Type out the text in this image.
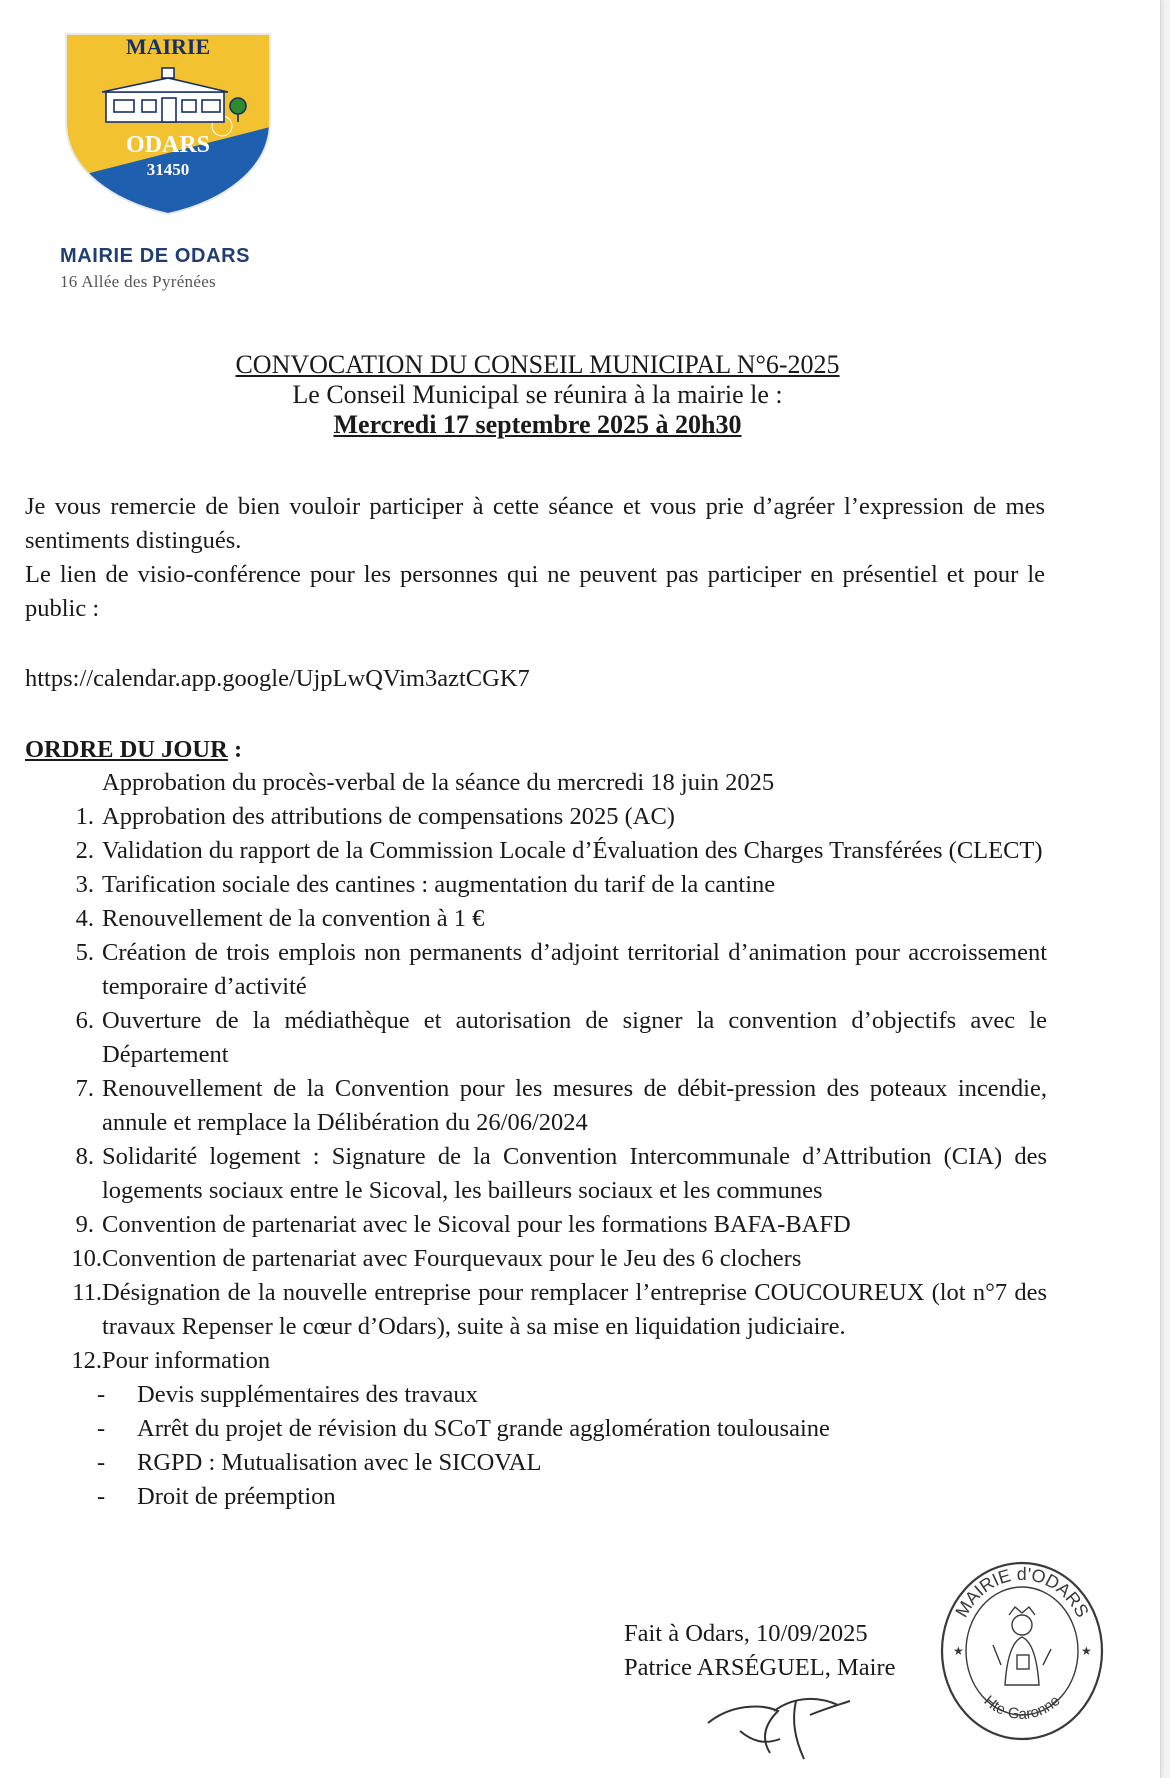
MAIRIE
ODARS
31450
MAIRIE DE ODARS
16 Allée des Pyrénées
CONVOCATION DU CONSEIL MUNICIPAL N°6-2025
Le Conseil Municipal se réunira à la mairie le :
Mercredi 17 septembre 2025 à 20h30
Je vous remercie de bien vouloir participer à cette séance et vous prie d’agréer l’expression de mes sentiments distingués.
Le lien de visio-conférence pour les personnes qui ne peuvent pas participer en présentiel et pour le public :
https://calendar.app.google/UjpLwQVim3aztCGK7
ORDRE DU JOUR :
Approbation du procès-verbal de la séance du mercredi 18 juin 2025
1. Approbation des attributions de compensations 2025 (AC)
2. Validation du rapport de la Commission Locale d’Évaluation des Charges Transférées (CLECT)
3. Tarification sociale des cantines : augmentation du tarif de la cantine
4. Renouvellement de la convention à 1 €
5. Création de trois emplois non permanents d’adjoint territorial d’animation pour accroissement temporaire d’activité
6. Ouverture de la médiathèque et autorisation de signer la convention d’objectifs avec le Département
7. Renouvellement de la Convention pour les mesures de débit-pression des poteaux incendie, annule et remplace la Délibération du 26/06/2024
8. Solidarité logement : Signature de la Convention Intercommunale d’Attribution (CIA) des logements sociaux entre le Sicoval, les bailleurs sociaux et les communes
9. Convention de partenariat avec le Sicoval pour les formations BAFA-BAFD
10. Convention de partenariat avec Fourquevaux pour le Jeu des 6 clochers
11. Désignation de la nouvelle entreprise pour remplacer l’entreprise COUCOUREUX (lot n°7 des travaux Repenser le cœur d’Odars), suite à sa mise en liquidation judiciaire.
12. Pour information
-	Devis supplémentaires des travaux
-	Arrêt du projet de révision du SCoT grande agglomération toulousaine
-	RGPD : Mutualisation avec le SICOVAL
-	Droit de préemption
Fait à Odars, 10/09/2025
Patrice ARSÉGUEL, Maire
MAIRIE d'ODARS
Hte-Garonne
★	★
